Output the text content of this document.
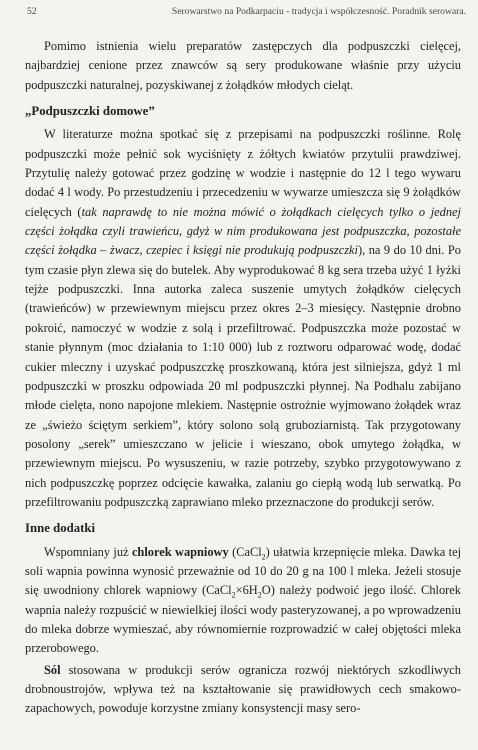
52	Serowarstwo na Podkarpaciu - tradycja i współczesność. Poradnik serowara.

Pomimo istnienia wielu preparatów zastępczych dla podpuszczki cielęcej, najbardziej cenione przez znawców są sery produkowane właśnie przy użyciu podpuszczki naturalnej, pozyskiwanej z żołądków młodych cieląt.

„Podpuszczki domowe”

W literaturze można spotkać się z przepisami na podpuszczki roślinne. Rolę podpuszczki może pełnić sok wyciśnięty z żółtych kwiatów przytulii prawdziwej. Przytulię należy gotować przez godzinę w wodzie i następnie do 12 l tego wywaru dodać 4 l wody. Po przestudzeniu i przecedzeniu w wywarze umieszcza się 9 żołądków cielęcych (tak naprawdę to nie można mówić o żołądkach cielęcych tylko o jednej części żołądka czyli trawieńcu, gdyż w nim produkowana jest podpuszczka, pozostałe części żołądka – żwacz, czepiec i księgi nie produkują podpuszczki), na 9 do 10 dni. Po tym czasie płyn zlewa się do butelek. Aby wyprodukować 8 kg sera trzeba użyć 1 łyżki tejże podpuszczki. Inna autorka zaleca suszenie umytych żołądków cielęcych (trawieńców) w przewiewnym miejscu przez okres 2–3 miesięcy. Następnie drobno pokroić, namoczyć w wodzie z solą i przefiltrować. Podpuszczka może pozostać w stanie płynnym (moc działania to 1:10 000) lub z roztworu odparować wodę, dodać cukier mleczny i uzyskać podpuszczkę proszkowaną, która jest silniejsza, gdyż 1 ml podpuszczki w proszku odpowiada 20 ml podpuszczki płynnej. Na Podhalu zabijano młode cielęta, nono napojone mlekiem. Następnie ostrożnie wyjmowano żołądek wraz ze „świeżo ściętym serkiem”, który solono solą gruboziarnistą. Tak przygotowany posolony „serek” umieszczano w jelicie i wieszano, obok umytego żołądka, w przewiewnym miejscu. Po wysuszeniu, w razie potrzeby, szybko przygotowywano z nich podpuszczkę poprzez odcięcie kawałka, zalaniu go ciepłą wodą lub serwatką. Po przefiltrowaniu podpuszczką zaprawiano mleko przeznaczone do produkcji serów.

Inne dodatki

Wspomniany już chlorek wapniowy (CaCl$_2$) ułatwia krzepnięcie mleka. Dawka tej soli wapnia powinna wynosić przeważnie od 10 do 20 g na 100 l mleka. Jeżeli stosuje się uwodniony chlorek wapniowy $(CaCl_2\times 6H_2O)$ należy podwoić jego ilość. Chlorek wapnia należy rozpuścić w niewielkiej ilości wody pasteryzowanej, a po wprowadzeniu do mleka dobrze wymieszać, aby równomiernie rozprowadzić w całej objętości mleka przerobowego.

Sól stosowana w produkcji serów ogranicza rozwój niektórych szkodliwych drobnoustrojów, wpływa też na kształtowanie się prawidłowych cech smakowo-zapachowych, powoduje korzystne zmiany konsystencji masy sero-
